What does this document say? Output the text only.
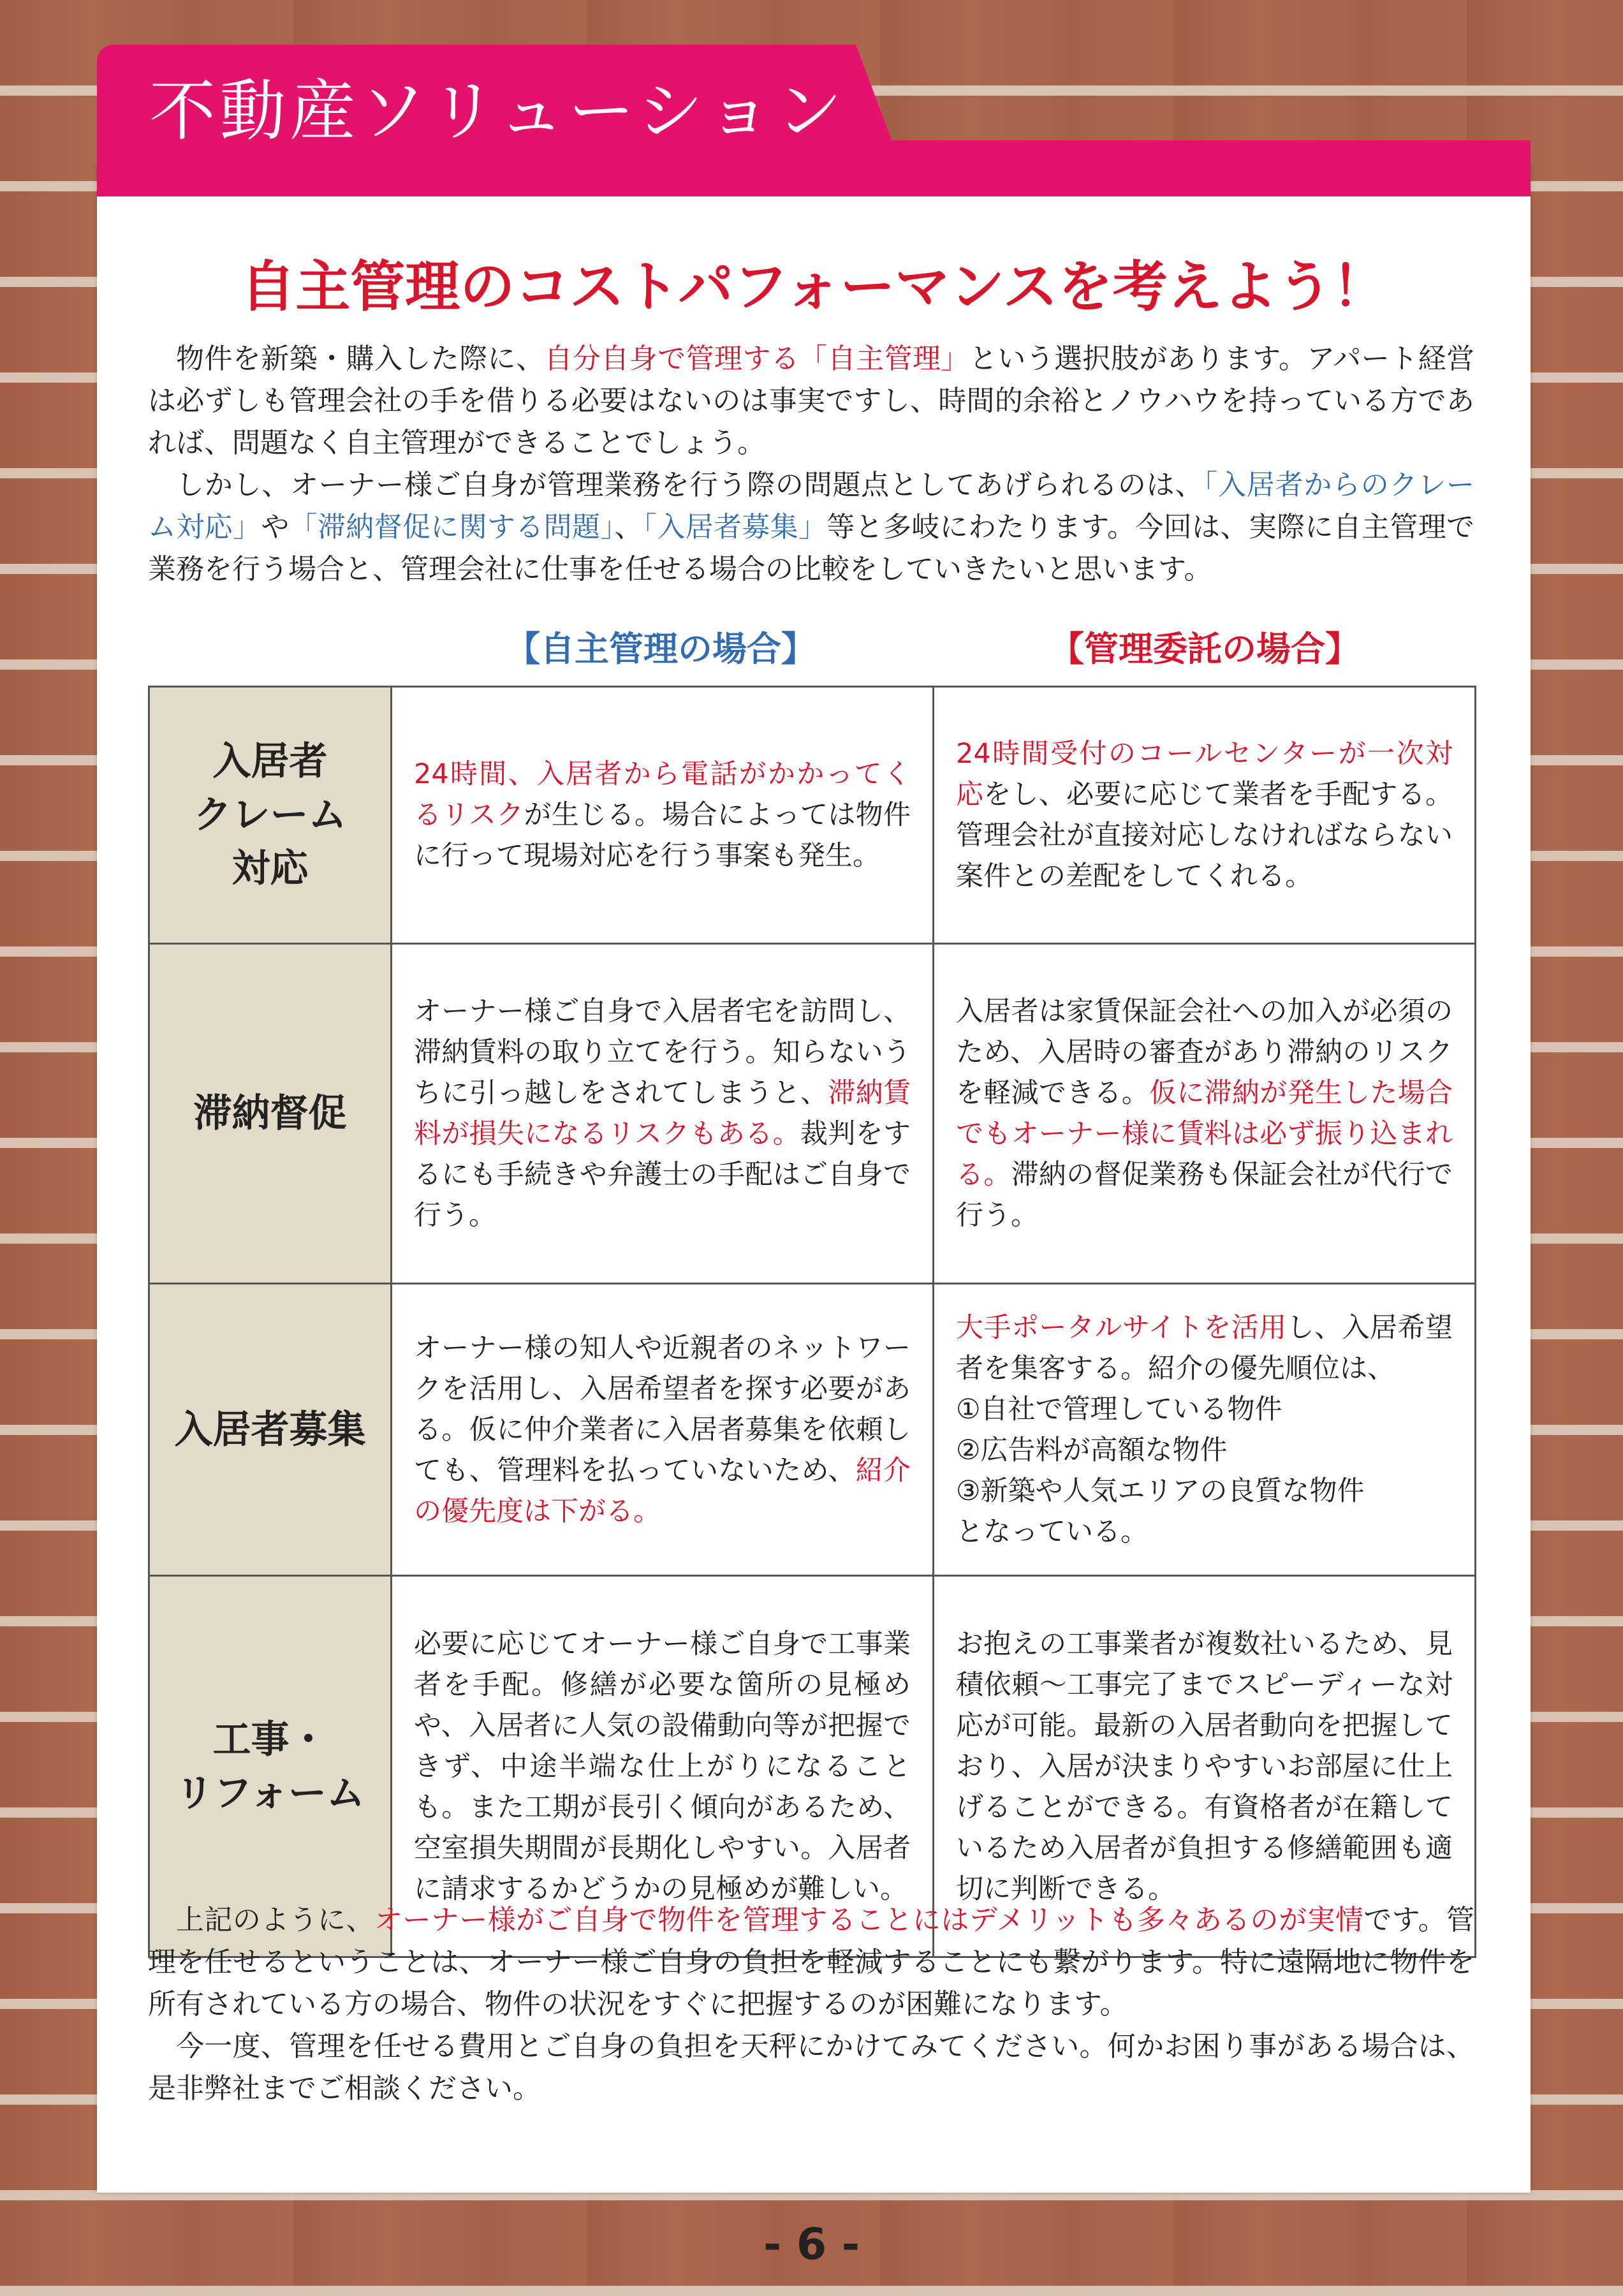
不動産ソリューション
自主管理のコストパフォーマンスを考えよう！
物件を新築・購入した際に、自分自身で管理する「自主管理」という選択肢があります。アパート経営は必ずしも管理会社の手を借りる必要はないのは事実ですし、時間的余裕とノウハウを持っている方であれば、問題なく自主管理ができることでしょう。
しかし、オーナー様ご自身が管理業務を行う際の問題点としてあげられるのは、「入居者からのクレーム対応」や「滞納督促に関する問題」、「入居者募集」等と多岐にわたります。今回は、実際に自主管理で業務を行う場合と、管理会社に仕事を任せる場合の比較をしていきたいと思います。
【自主管理の場合】	【管理委託の場合】
入居者
クレーム
対応	24時間、入居者から電話がかかってくるリスクが生じる。場合によっては物件に行って現場対応を行う事案も発生。	24時間受付のコールセンターが一次対応をし、必要に応じて業者を手配する。管理会社が直接対応しなければならない案件との差配をしてくれる。
滞納督促	オーナー様ご自身で入居者宅を訪問し、滞納賃料の取り立てを行う。知らないうちに引っ越しをされてしまうと、滞納賃料が損失になるリスクもある。裁判をするにも手続きや弁護士の手配はご自身で行う。	入居者は家賃保証会社への加入が必須のため、入居時の審査があり滞納のリスクを軽減できる。仮に滞納が発生した場合でもオーナー様に賃料は必ず振り込まれる。滞納の督促業務も保証会社が代行で行う。
入居者募集	オーナー様の知人や近親者のネットワークを活用し、入居希望者を探す必要がある。仮に仲介業者に入居者募集を依頼しても、管理料を払っていないため、紹介の優先度は下がる。	大手ポータルサイトを活用し、入居希望者を集客する。紹介の優先順位は、
①自社で管理している物件
②広告料が高額な物件
③新築や人気エリアの良質な物件
となっている。
工事・
リフォーム	必要に応じてオーナー様ご自身で工事業者を手配。修繕が必要な箇所の見極めや、入居者に人気の設備動向等が把握できず、中途半端な仕上がりになることも。また工期が長引く傾向があるため、空室損失期間が長期化しやすい。入居者に請求するかどうかの見極めが難しい。	お抱えの工事業者が複数社いるため、見積依頼～工事完了までスピーディーな対応が可能。最新の入居者動向を把握しており、入居が決まりやすいお部屋に仕上げることができる。有資格者が在籍しているため入居者が負担する修繕範囲も適切に判断できる。
上記のように、オーナー様がご自身で物件を管理することにはデメリットも多々あるのが実情です。管理を任せるということは、オーナー様ご自身の負担を軽減することにも繋がります。特に遠隔地に物件を所有されている方の場合、物件の状況をすぐに把握するのが困難になります。
今一度、管理を任せる費用とご自身の負担を天秤にかけてみてください。何かお困り事がある場合は、是非弊社までご相談ください。
- 6 -
